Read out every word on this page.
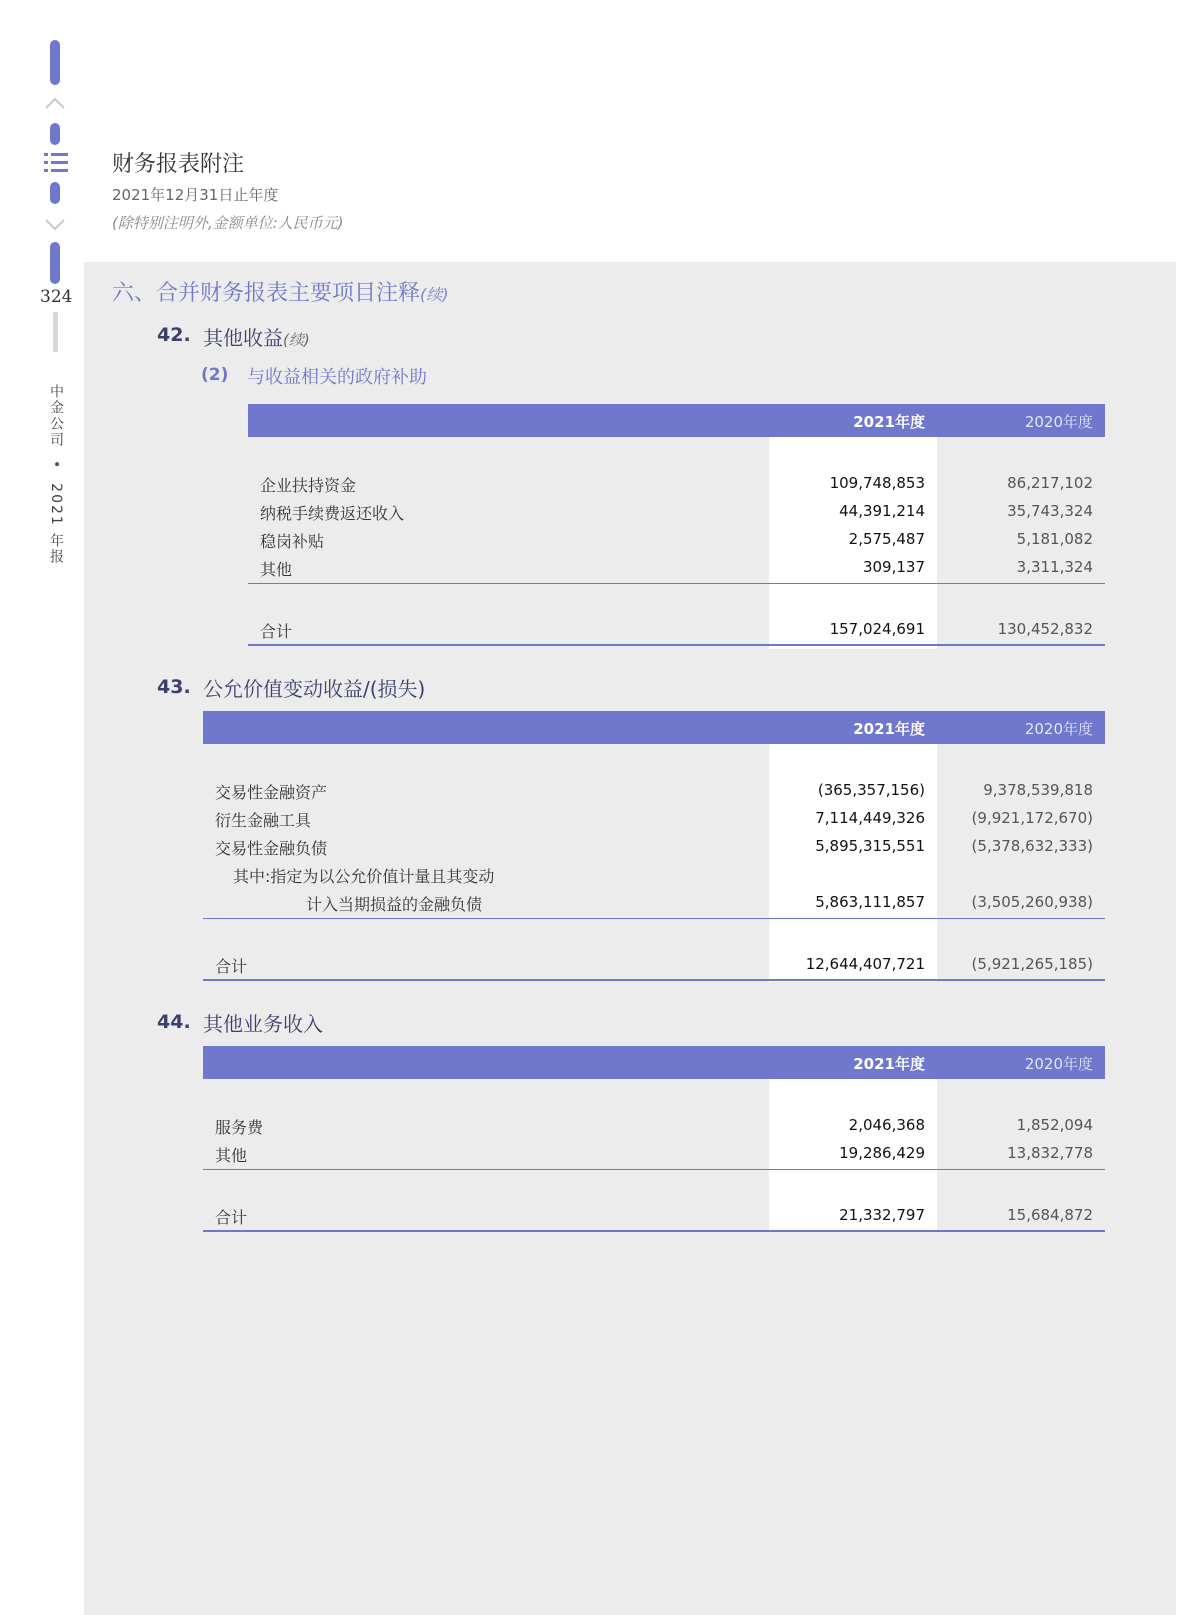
324
中金公司 • 2021 年报
财务报表附注
2021年12月31日止年度
(除特别注明外,金额单位:人民币元)
六、合并财务报表主要项目注释(续)
42. 其他收益(续)
(2) 与收益相关的政府补助
2021年度	2020年度
企业扶持资金	109,748,853	86,217,102
纳税手续费返还收入	44,391,214	35,743,324
稳岗补贴	2,575,487	5,181,082
其他	309,137	3,311,324
合计	157,024,691	130,452,832
43. 公允价值变动收益/(损失)
2021年度	2020年度
交易性金融资产	(365,357,156)	9,378,539,818
衍生金融工具	7,114,449,326	(9,921,172,670)
交易性金融负债	5,895,315,551	(5,378,632,333)
其中:指定为以公允价值计量且其变动
计入当期损益的金融负债	5,863,111,857	(3,505,260,938)
合计	12,644,407,721	(5,921,265,185)
44. 其他业务收入
2021年度	2020年度
服务费	2,046,368	1,852,094
其他	19,286,429	13,832,778
合计	21,332,797	15,684,872
